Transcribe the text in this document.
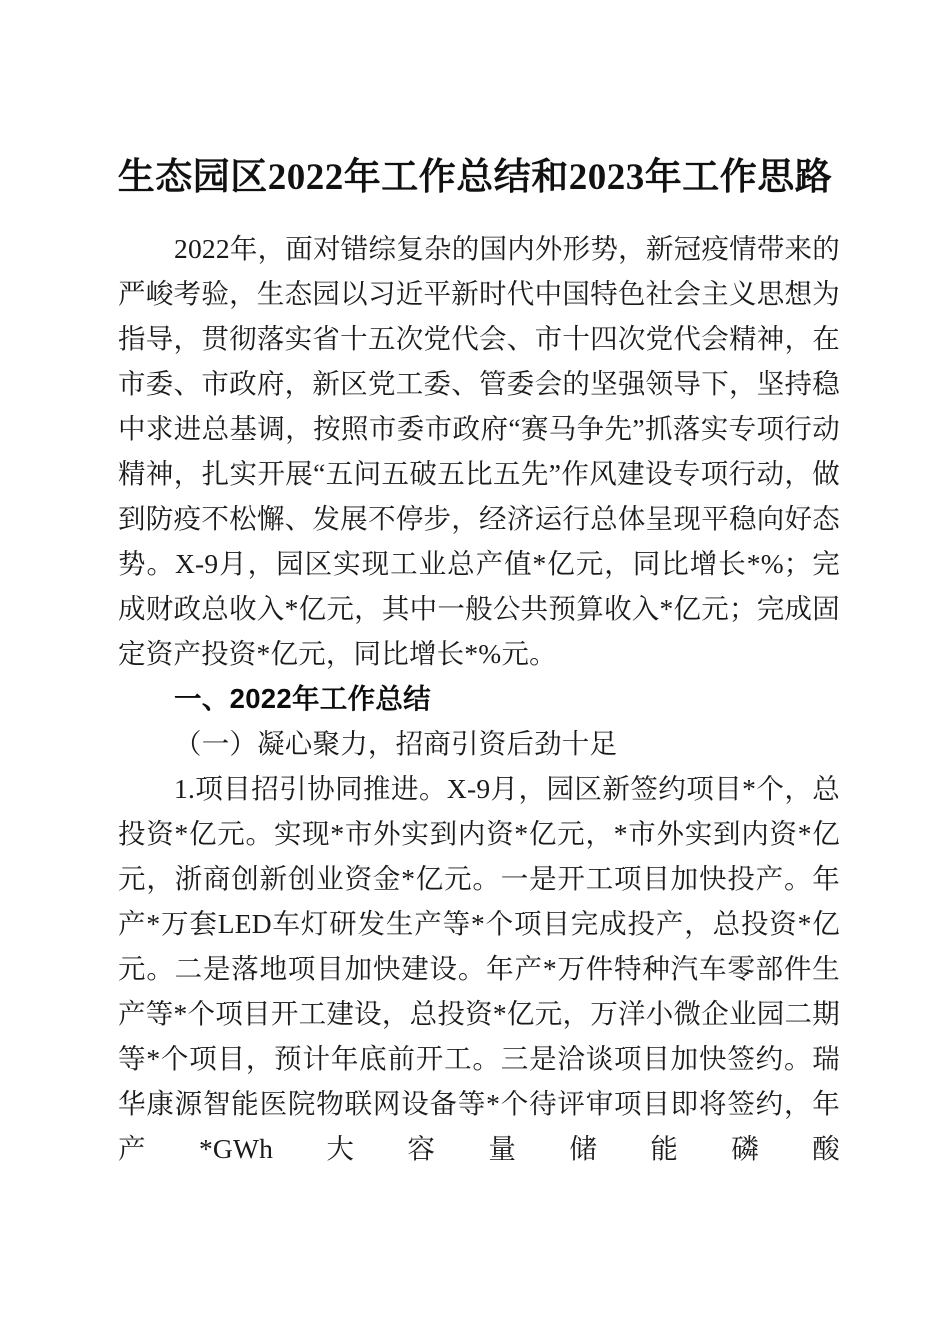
生态园区2022年工作总结和2023年工作思路

2022年，面对错综复杂的国内外形势，新冠疫情带来的严峻考验，生态园以习近平新时代中国特色社会主义思想为指导，贯彻落实省十五次党代会、市十四次党代会精神，在市委、市政府，新区党工委、管委会的坚强领导下，坚持稳中求进总基调，按照市委市政府“赛马争先”抓落实专项行动精神，扎实开展“五问五破五比五先”作风建设专项行动，做到防疫不松懈、发展不停步，经济运行总体呈现平稳向好态势。X-9月，园区实现工业总产值*亿元，同比增长*%；完成财政总收入*亿元，其中一般公共预算收入*亿元；完成固定资产投资*亿元，同比增长*%元。

一、2022年工作总结

（一）凝心聚力，招商引资后劲十足

1.项目招引协同推进。X-9月，园区新签约项目*个，总投资*亿元。实现*市外实到内资*亿元，*市外实到内资*亿元，浙商创新创业资金*亿元。一是开工项目加快投产。年产*万套LED车灯研发生产等*个项目完成投产，总投资*亿元。二是落地项目加快建设。年产*万件特种汽车零部件生产等*个项目开工建设，总投资*亿元，万洋小微企业园二期等*个项目，预计年底前开工。三是洽谈项目加快签约。瑞华康源智能医院物联网设备等*个待评审项目即将签约，年产*GWh大容量储能磷酸
